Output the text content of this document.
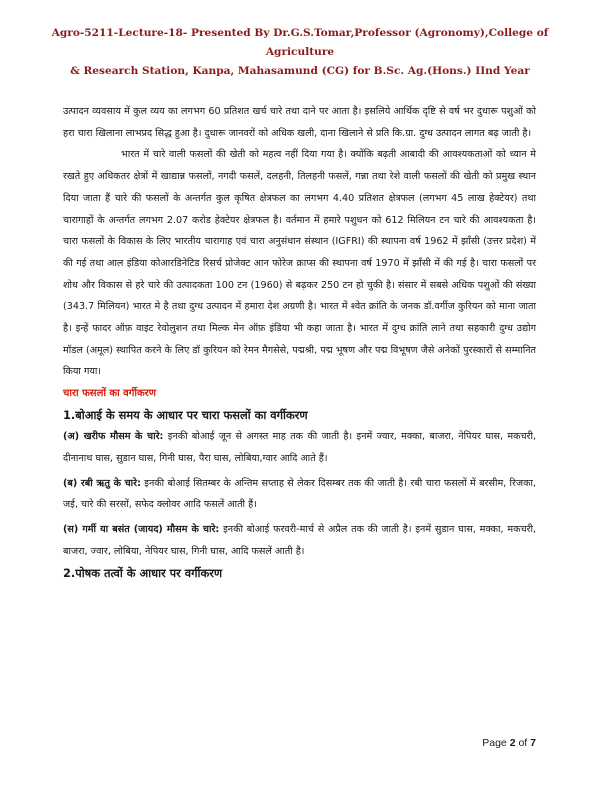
Agro-5211-Lecture-18- Presented By Dr.G.S.Tomar,Professor (Agronomy),College of Agriculture
& Research Station, Kanpa, Mahasamund (CG) for B.Sc. Ag.(Hons.) IInd Year

उत्पादन व्यवसाय में कुल व्यय का लगभग 60 प्रतिशत खर्च चारे तथा दाने पर आता है। इसलिये आर्थिक दृष्टि से वर्ष भर दुधारू पशुओं को हरा चारा खिलाना लाभप्रद सिद्ध हुआ है। दुधारू जानवरों को अधिक खली, दाना खिलाने से प्रति कि.ग्रा. दुग्ध उत्पादन लागत बढ़ जाती है।

भारत में चारे वाली फसलों की खेती को महत्व नहीं दिया गया है। क्योंकि बढ़ती आबादी की आवश्यकताओं को ध्यान मे रखते हुए अधिकतर क्षेत्रों में खाद्यान्न फसलों, नगदी फसलें, दलहनी, तिलहनी फसलें, गन्ना तथा रेशे वाली फसलों की खेती को प्रमुख स्थान दिया जाता हैं चारे की फसलों के अन्तर्गत कुल कृषित क्षेत्रफल का लगभग 4.40 प्रतिशत क्षेत्रफल (लगभग 45 लाख हेक्टेयर) तथा चारागाहों के अन्तर्गत लगभग 2.07 करोड हेक्टेयर क्षेत्रफल है। वर्तमान में हमारे पशुधन को 612 मिलियन टन चारे की आवश्यकता है। चारा फसलों के विकास के लिए भारतीय चारागाह एवं चारा अनुसंधान संस्थान (IGFRI) की स्थापना वर्ष 1962 में झाँसी (उत्तर प्रदेश) में की गई तथा आल इंडिया कोआरडिनेटिड रिसर्च प्रोजेक्ट आन फोरेज क्राप्स की स्थापना वर्ष 1970 में झाँसी में की गई है। चारा फसलों पर शोध और विकास से हरे चारे की उत्पादकता 100 टन (1960) से बढ़कर 250 टन हो चुकी है। संसार में सबसे अधिक पशुओं की संख्या (343.7 मिलियन) भारत मे है तथा दुग्ध उत्पादन में हमारा देश अग्रणी है। भारत में श्वेत क्रांति के जनक डॉ.वर्गीज कुरियन को माना जाता है। इन्हें फादर ऑफ़ वाइट रेवोलुशन तथा मिल्क मेन ऑफ़ इंडिया भी कहा जाता है। भारत में दुग्ध क्रांति लाने तथा सहकारी दुग्ध उद्योग मॉडल (अमूल) स्थापित करने के लिए डॉ कुरियन को रेमन मैगसेसे, पद्मश्री, पद्म भूषण और पद्म विभूषण जैसे अनेकों पुरस्कारों से सम्मानित किया गया।

चारा फसलों का वर्गीकरण

1.बोआई के समय के आधार पर चारा फसलों का वर्गीकरण

(अ) खरीफ मौसम के चारे: इनकी बोआई जून से अगस्त माह तक की जाती है। इनमें ज्वार, मक्का, बाजरा, नेपियर घास, मकचरी, दीनानाथ घास, सुडान घास, गिनी घास, पैरा घास, लोबिया,ग्वार आदि आते हैं।

(ब) रबी ऋतु के चारे: इनकी बोआई सितम्बर के अन्तिम सप्ताह से लेकर दिसम्बर तक की जाती है। रबी चारा फसलों में बरसीम, रिजका, जई, चारे की सरसों, सफेद क्लोवर आदि फसलें आती हैं।

(स) गर्मी या बसंत (जायद) मौसम के चारे: इनकी बोआई फरवरी-मार्च से अप्रैल तक की जाती है। इनमें सुडान घास, मक्का, मकचरी, बाजरा, ज्वार, लोबिया, नेपियर घास, गिनी घास, आदि फसलें आती है।

2.पोषक तत्वों के आधार पर वर्गीकरण

Page 2 of 7
